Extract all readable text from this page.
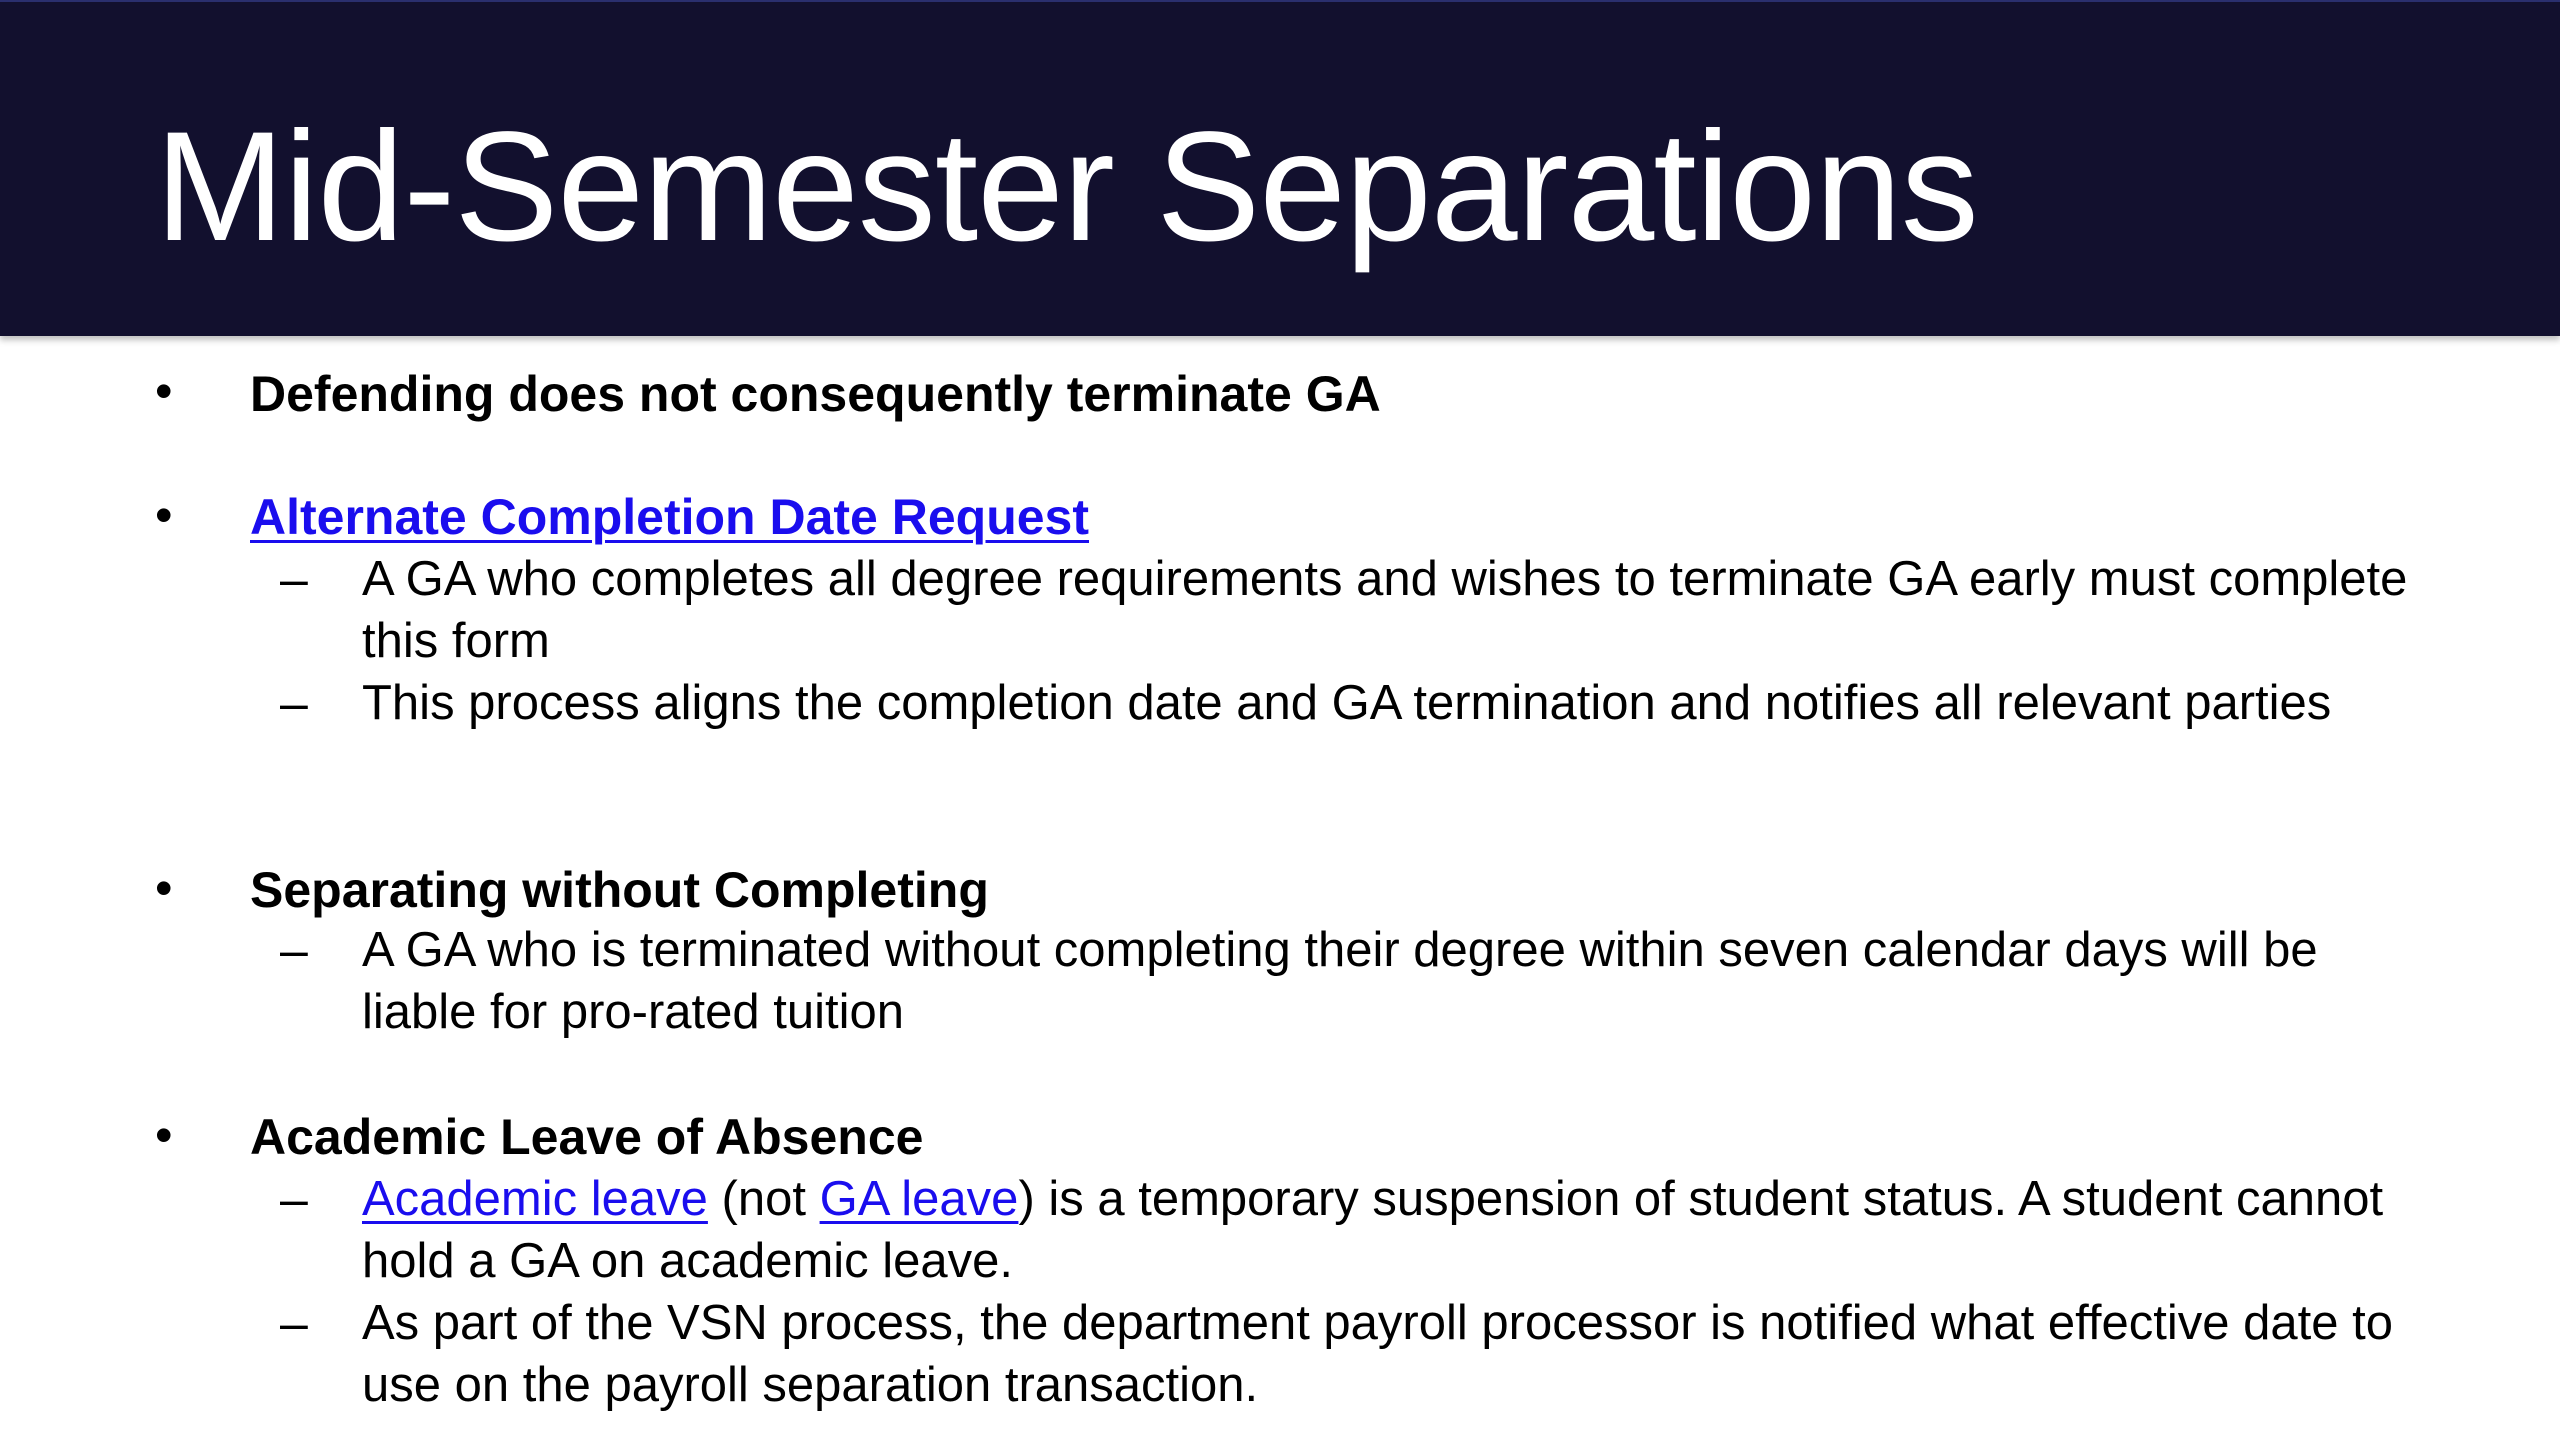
Mid-Semester Separations
• Defending does not consequently terminate GA
• Alternate Completion Date Request
– A GA who completes all degree requirements and wishes to terminate GA early must complete this form
– This process aligns the completion date and GA termination and notifies all relevant parties
• Separating without Completing
– A GA who is terminated without completing their degree within seven calendar days will be liable for pro-rated tuition
• Academic Leave of Absence
– Academic leave (not GA leave) is a temporary suspension of student status. A student cannot hold a GA on academic leave.
– As part of the VSN process, the department payroll processor is notified what effective date to use on the payroll separation transaction.
